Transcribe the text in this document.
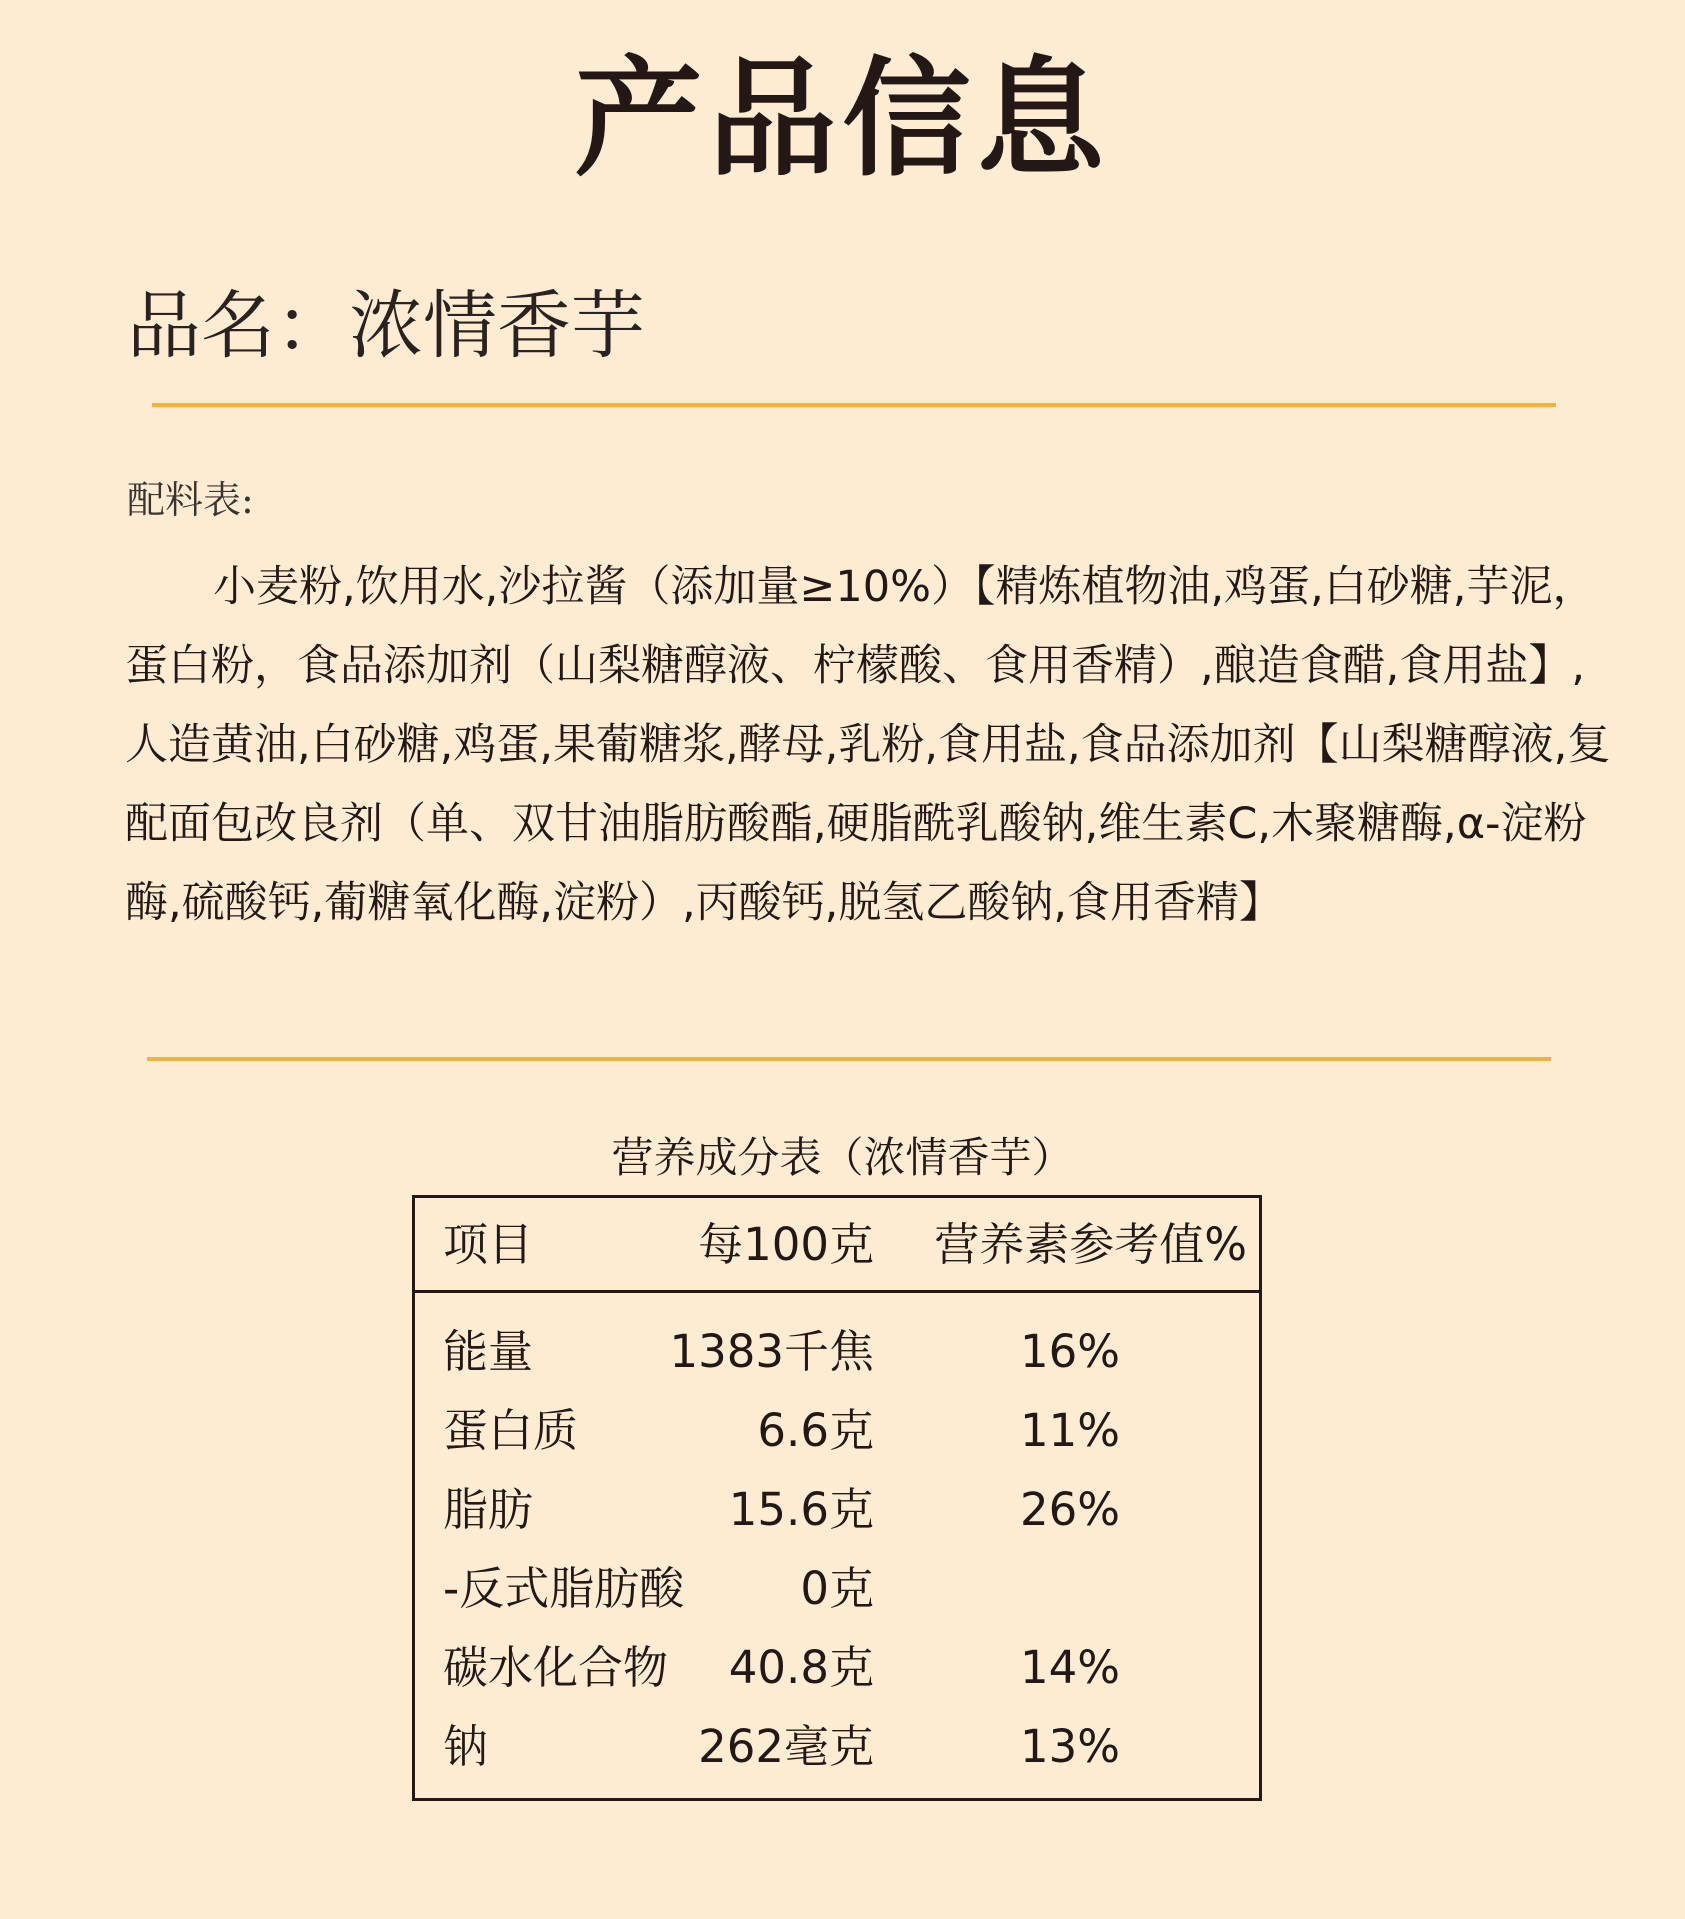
产品信息
品名：浓情香芋
配料表:

小麦粉,饮用水,沙拉酱（添加量≥10%）【精炼植物油,鸡蛋,白砂糖,芋泥，蛋白粉，食品添加剂（山梨糖醇液、柠檬酸、食用香精）,酿造食醋,食用盐】,人造黄油,白砂糖,鸡蛋,果葡糖浆,酵母,乳粉,食用盐,食品添加剂【山梨糖醇液,复配面包改良剂（单、双甘油脂肪酸酯,硬脂酰乳酸钠,维生素C,木聚糖酶,α-淀粉酶,硫酸钙,葡糖氧化酶,淀粉）,丙酸钙,脱氢乙酸钠,食用香精】

营养成分表（浓情香芋）
项目	每100克 营养素参考值%
能量	1383千焦	16%
蛋白质	6.6克	11%
脂肪	15.6克	26%
-反式脂肪酸	0克
碳水化合物 40.8克	14%
钠	262毫克	13%
